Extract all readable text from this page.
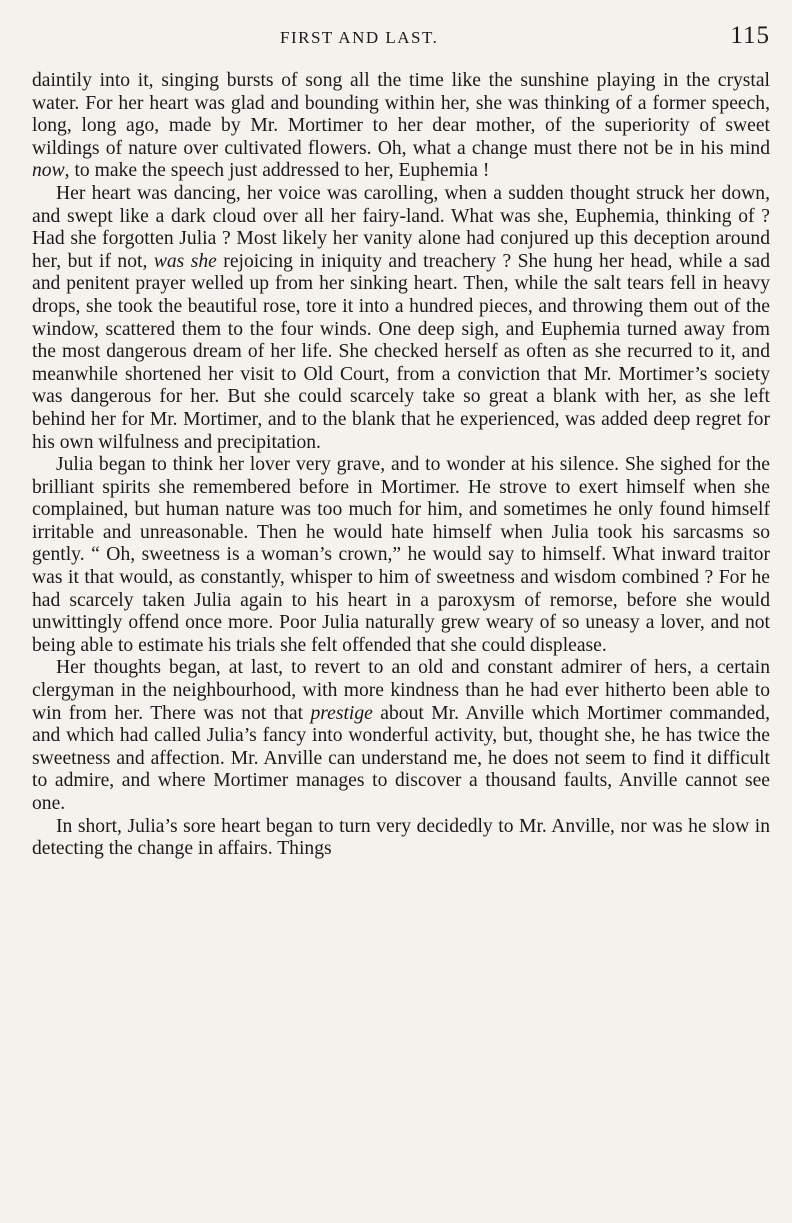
FIRST AND LAST.	115

daintily into it, singing bursts of song all the time like the sunshine playing in the crystal water. For her heart was glad and bounding within her, she was thinking of a former speech, long, long ago, made by Mr. Mortimer to her dear mother, of the superiority of sweet wildings of nature over cultivated flowers. Oh, what a change must there not be in his mind now, to make the speech just addressed to her, Euphemia !

Her heart was dancing, her voice was carolling, when a sudden thought struck her down, and swept like a dark cloud over all her fairy-land. What was she, Euphemia, thinking of ? Had she forgotten Julia ? Most likely her vanity alone had conjured up this deception around her, but if not, was she rejoicing in iniquity and treachery ? She hung her head, while a sad and penitent prayer welled up from her sinking heart. Then, while the salt tears fell in heavy drops, she took the beautiful rose, tore it into a hundred pieces, and throwing them out of the window, scattered them to the four winds. One deep sigh, and Euphemia turned away from the most dangerous dream of her life. She checked herself as often as she recurred to it, and meanwhile shortened her visit to Old Court, from a conviction that Mr. Mortimer’s society was dangerous for her. But she could scarcely take so great a blank with her, as she left behind her for Mr. Mortimer, and to the blank that he experienced, was added deep regret for his own wilfulness and precipitation.

Julia began to think her lover very grave, and to wonder at his silence. She sighed for the brilliant spirits she remembered before in Mortimer. He strove to exert himself when she complained, but human nature was too much for him, and sometimes he only found himself irritable and unreasonable. Then he would hate himself when Julia took his sarcasms so gently. “ Oh, sweetness is a woman’s crown,” he would say to himself. What inward traitor was it that would, as constantly, whisper to him of sweetness and wisdom combined ? For he had scarcely taken Julia again to his heart in a paroxysm of remorse, before she would unwittingly offend once more. Poor Julia naturally grew weary of so uneasy a lover, and not being able to estimate his trials she felt offended that she could displease.

Her thoughts began, at last, to revert to an old and constant admirer of hers, a certain clergyman in the neighbourhood, with more kindness than he had ever hitherto been able to win from her. There was not that prestige about Mr. Anville which Mortimer commanded, and which had called Julia’s fancy into wonderful activity, but, thought she, he has twice the sweetness and affection. Mr. Anville can understand me, he does not seem to find it difficult to admire, and where Mortimer manages to discover a thousand faults, Anville cannot see one.

In short, Julia’s sore heart began to turn very decidedly to Mr. Anville, nor was he slow in detecting the change in affairs. Things
